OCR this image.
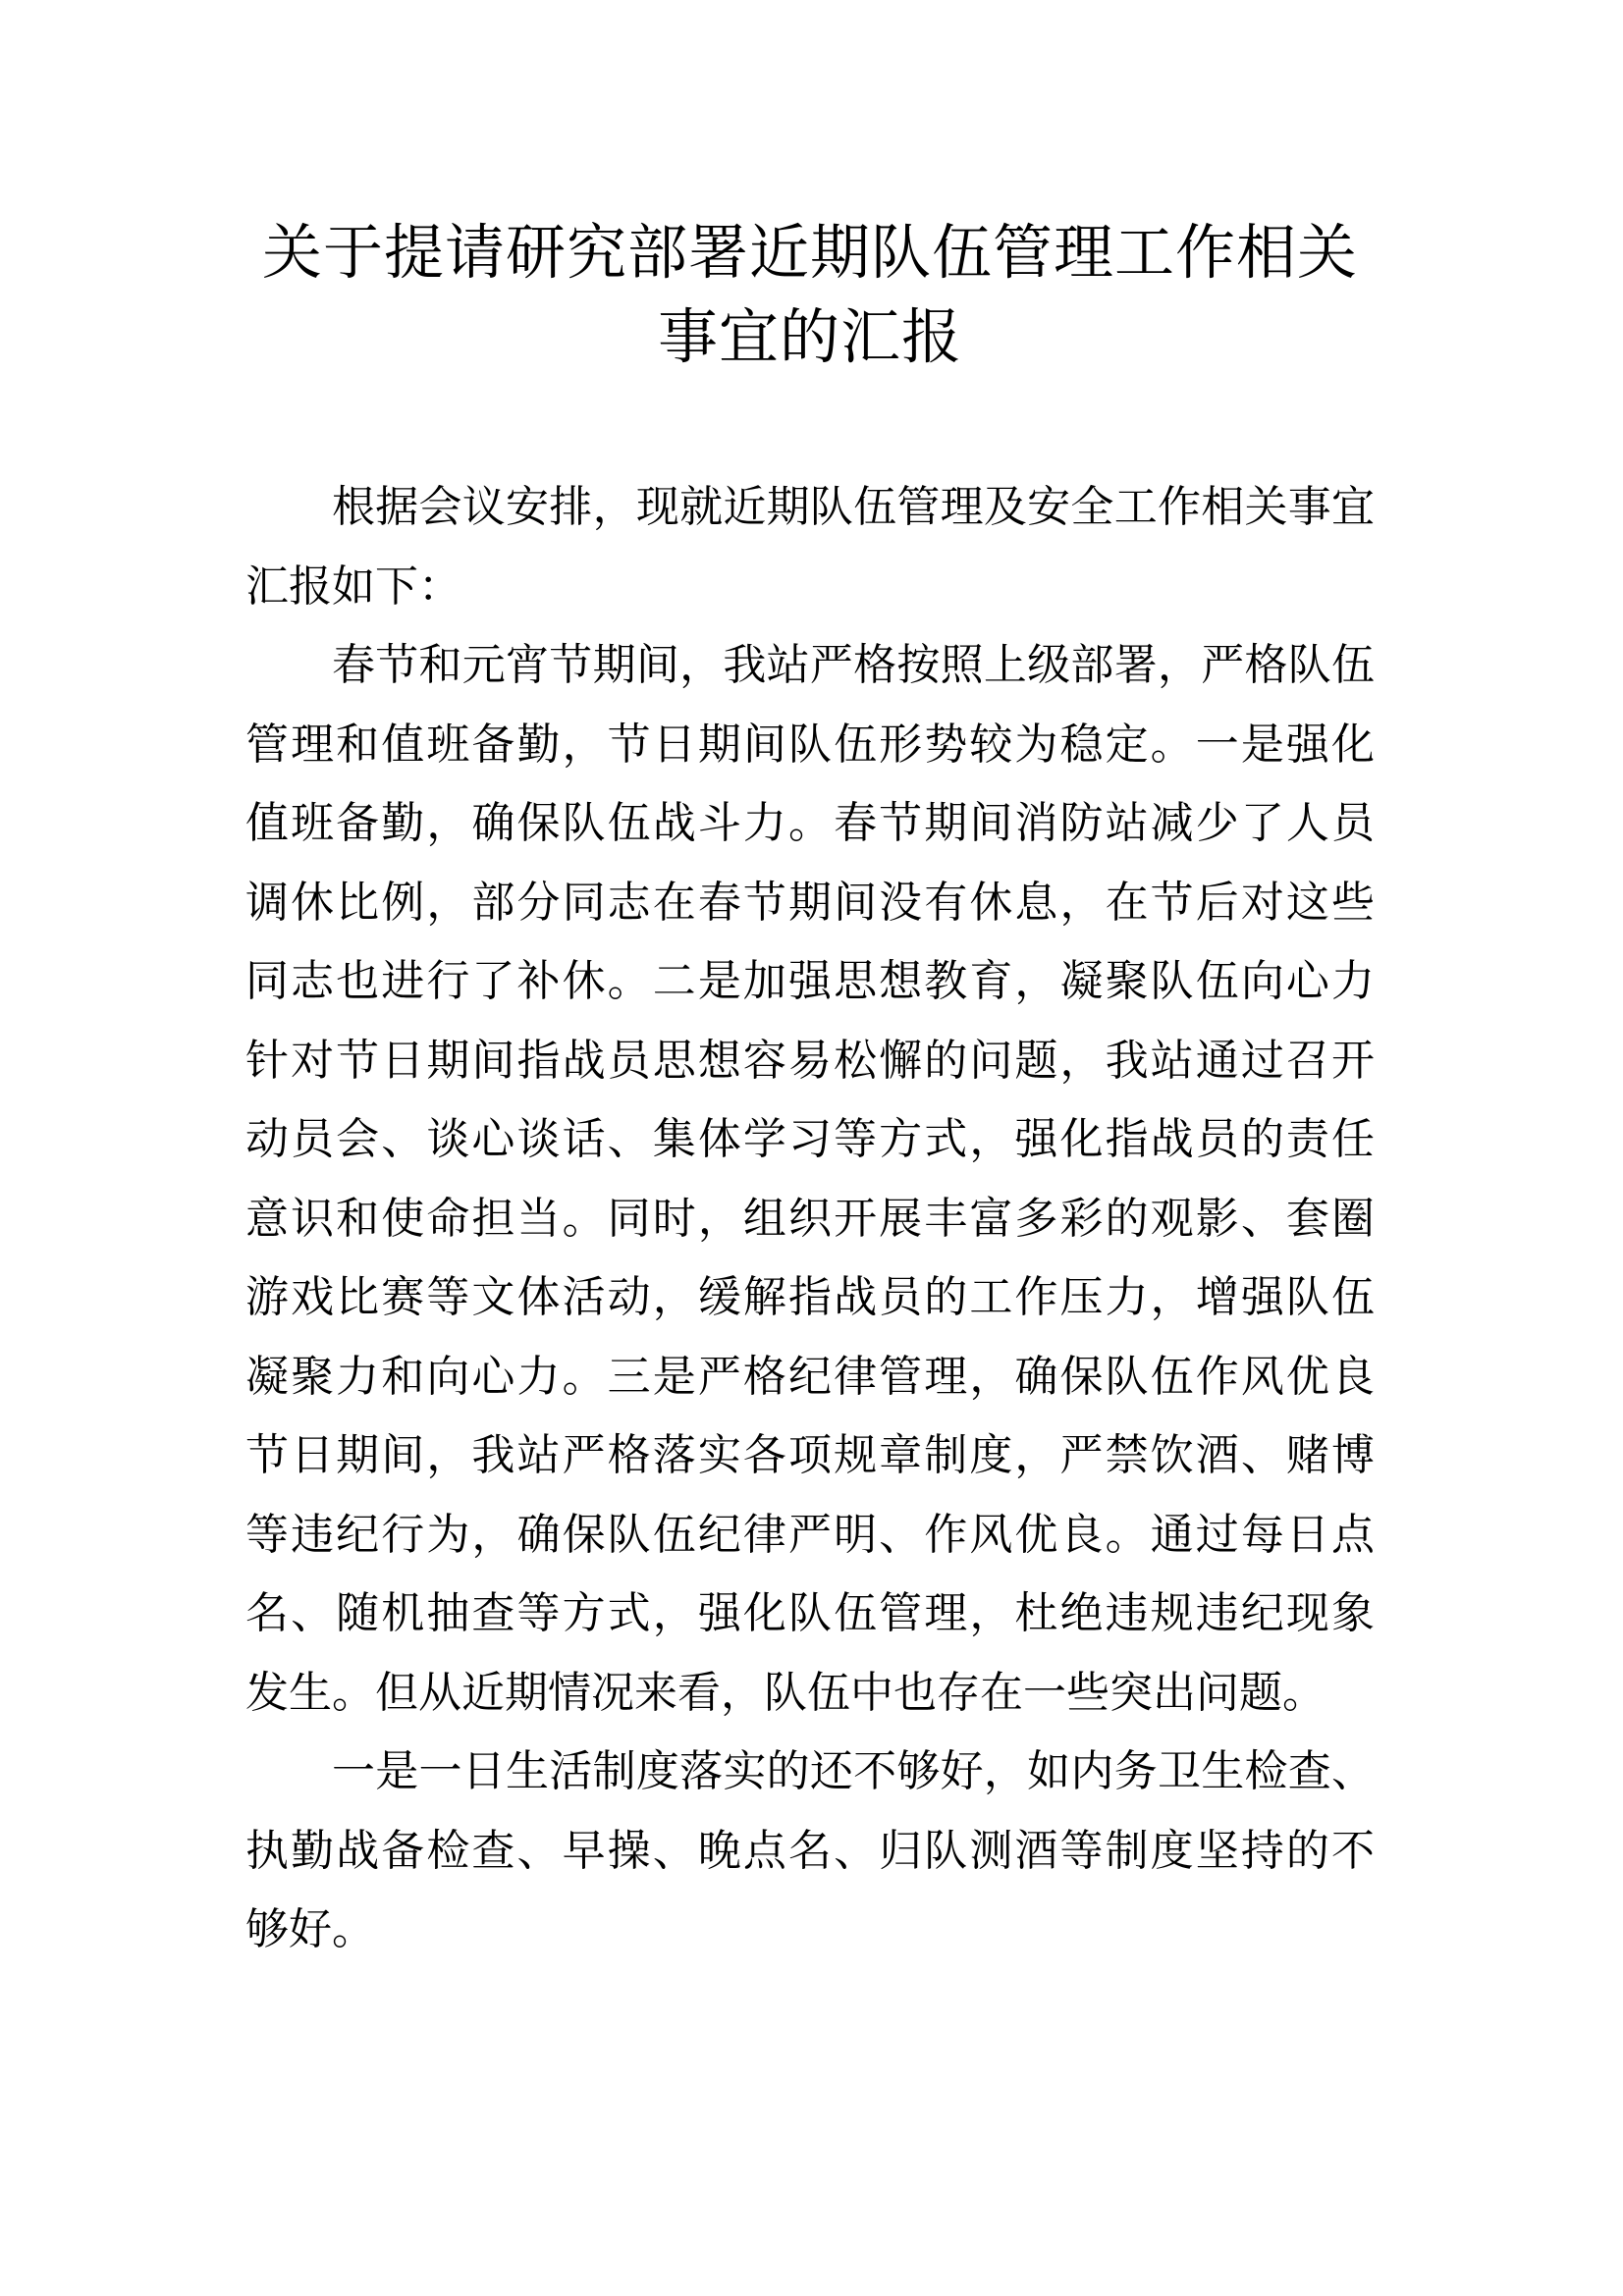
关于提请研究部署近期队伍管理工作相关
事宜的汇报
根据会议安排，现就近期队伍管理及安全工作相关事宜
汇报如下：
春节和元宵节期间，我站严格按照上级部署，严格队伍
管理和值班备勤，节日期间队伍形势较为稳定。一是强化
值班备勤，确保队伍战斗力。春节期间消防站减少了人员
调休比例，部分同志在春节期间没有休息，在节后对这些
同志也进行了补休。二是加强思想教育，凝聚队伍向心力
针对节日期间指战员思想容易松懈的问题，我站通过召开
动员会、谈心谈话、集体学习等方式，强化指战员的责任
意识和使命担当。同时，组织开展丰富多彩的观影、套圈
游戏比赛等文体活动，缓解指战员的工作压力，增强队伍
凝聚力和向心力。三是严格纪律管理，确保队伍作风优良
节日期间，我站严格落实各项规章制度，严禁饮酒、赌博
等违纪行为，确保队伍纪律严明、作风优良。通过每日点
名、随机抽查等方式，强化队伍管理，杜绝违规违纪现象
发生。但从近期情况来看，队伍中也存在一些突出问题。
一是一日生活制度落实的还不够好，如内务卫生检查、
执勤战备检查、早操、晚点名、归队测酒等制度坚持的不
够好。
